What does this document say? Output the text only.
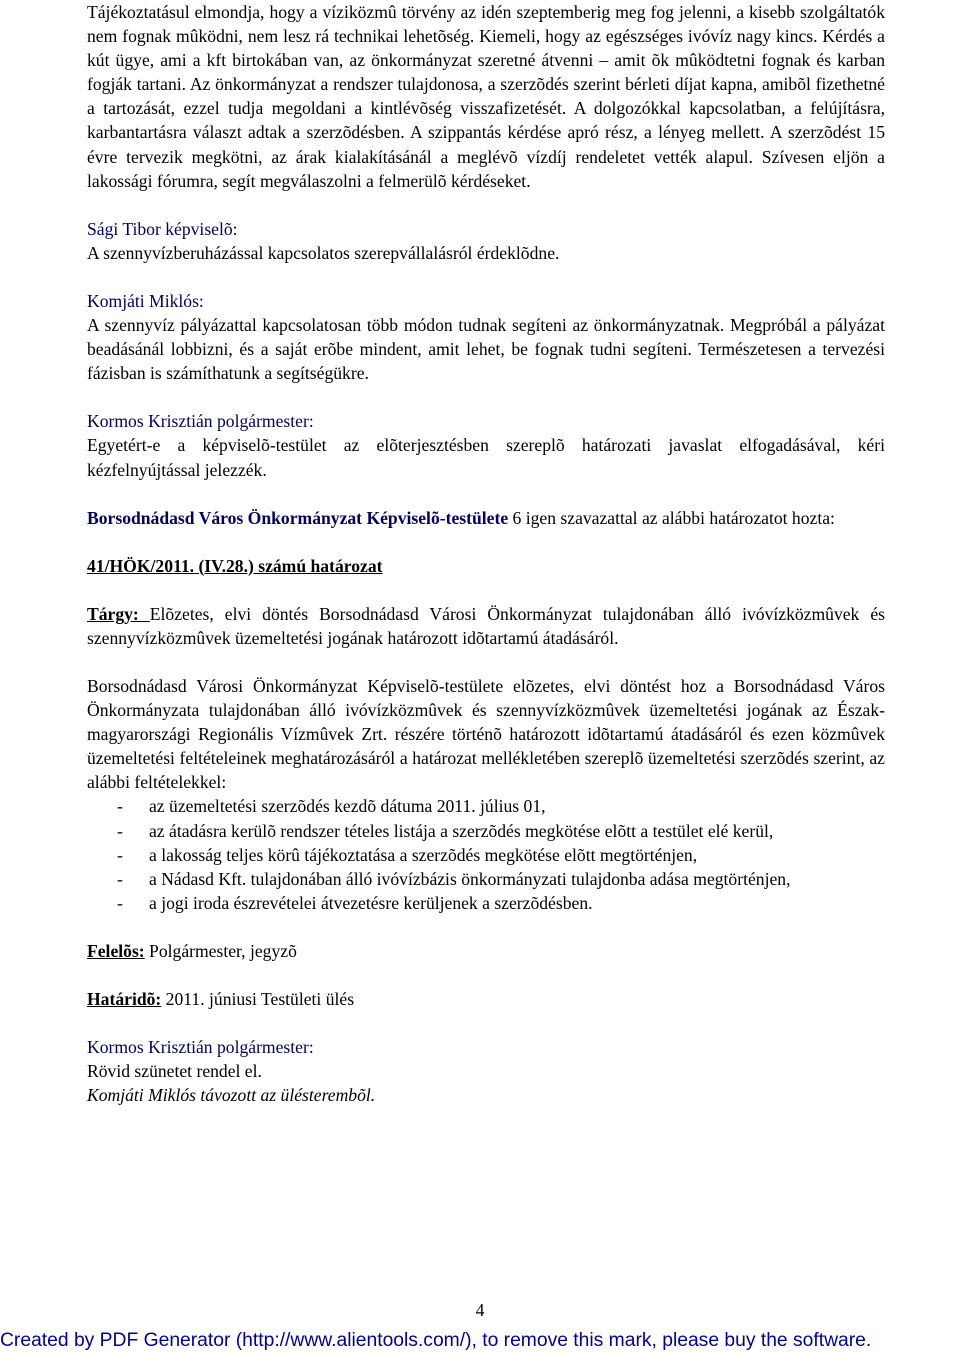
Tájékoztatásul elmondja, hogy a víziközmû törvény az idén szeptemberig meg fog jelenni, a kisebb szolgáltatók nem fognak mûködni, nem lesz rá technikai lehetõség. Kiemeli, hogy az egészséges ivóvíz nagy kincs. Kérdés a kút ügye, ami a kft birtokában van, az önkormányzat szeretné átvenni – amit õk mûködtetni fognak és karban fogják tartani. Az önkormányzat a rendszer tulajdonosa, a szerzõdés szerint bérleti díjat kapna, amibõl fizethetné a tartozását, ezzel tudja megoldani a kintlévõség visszafizetését. A dolgozókkal kapcsolatban, a felújításra, karbantartásra választ adtak a szerzõdésben. A szippantás kérdése apró rész, a lényeg mellett. A szerzõdést 15 évre tervezik megkötni, az árak kialakításánál a meglévõ vízdíj rendeletet vették alapul. Szívesen eljön a lakossági fórumra, segít megválaszolni a felmerülõ kérdéseket.

Sági Tibor képviselõ:

A szennyvízberuházással kapcsolatos szerepvállalásról érdeklõdne.

Komjáti Miklós:

A szennyvíz pályázattal kapcsolatosan több módon tudnak segíteni az önkormányzatnak. Megpróbál a pályázat beadásánál lobbizni, és a saját erõbe mindent, amit lehet, be fognak tudni segíteni. Természetesen a tervezési fázisban is számíthatunk a segítségükre.

Kormos Krisztián polgármester:

Egyetért-e a képviselõ-testület az elõterjesztésben szereplõ határozati javaslat elfogadásával, kéri kézfelnyújtással jelezzék.

Borsodnádasd Város Önkormányzat Képviselõ-testülete 6 igen szavazattal az alábbi határozatot hozta:

41/HÖK/2011. (IV.28.) számú határozat

Tárgy: Elõzetes, elvi döntés Borsodnádasd Városi Önkormányzat tulajdonában álló ivóvízközmûvek és szennyvízközmûvek üzemeltetési jogának határozott idõtartamú átadásáról.

Borsodnádasd Városi Önkormányzat Képviselõ-testülete elõzetes, elvi döntést hoz a Borsodnádasd Város Önkormányzata tulajdonában álló ivóvízközmûvek és szennyvízközmûvek üzemeltetési jogának az Észak-magyarországi Regionális Vízmûvek Zrt. részére történõ határozott idõtartamú átadásáról és ezen közmûvek üzemeltetési feltételeinek meghatározásáról a határozat mellékletében szereplõ üzemeltetési szerzõdés szerint, az alábbi feltételekkel:

- az üzemeltetési szerzõdés kezdõ dátuma 2011. július 01,
- az átadásra kerülõ rendszer tételes listája a szerzõdés megkötése elõtt a testület elé kerül,
- a lakosság teljes körû tájékoztatása a szerzõdés megkötése elõtt megtörténjen,
- a Nádasd Kft. tulajdonában álló ivóvízbázis önkormányzati tulajdonba adása megtörténjen,
- a jogi iroda észrevételei átvezetésre kerüljenek a szerzõdésben.

Felelõs: Polgármester, jegyzõ

Határidõ: 2011. júniusi Testületi ülés

Kormos Krisztián polgármester:

Rövid szünetet rendel el.

Komjáti Miklós távozott az ülésterembõl.

4
Created by PDF Generator (http://www.alientools.com/), to remove this mark, please buy the software.
